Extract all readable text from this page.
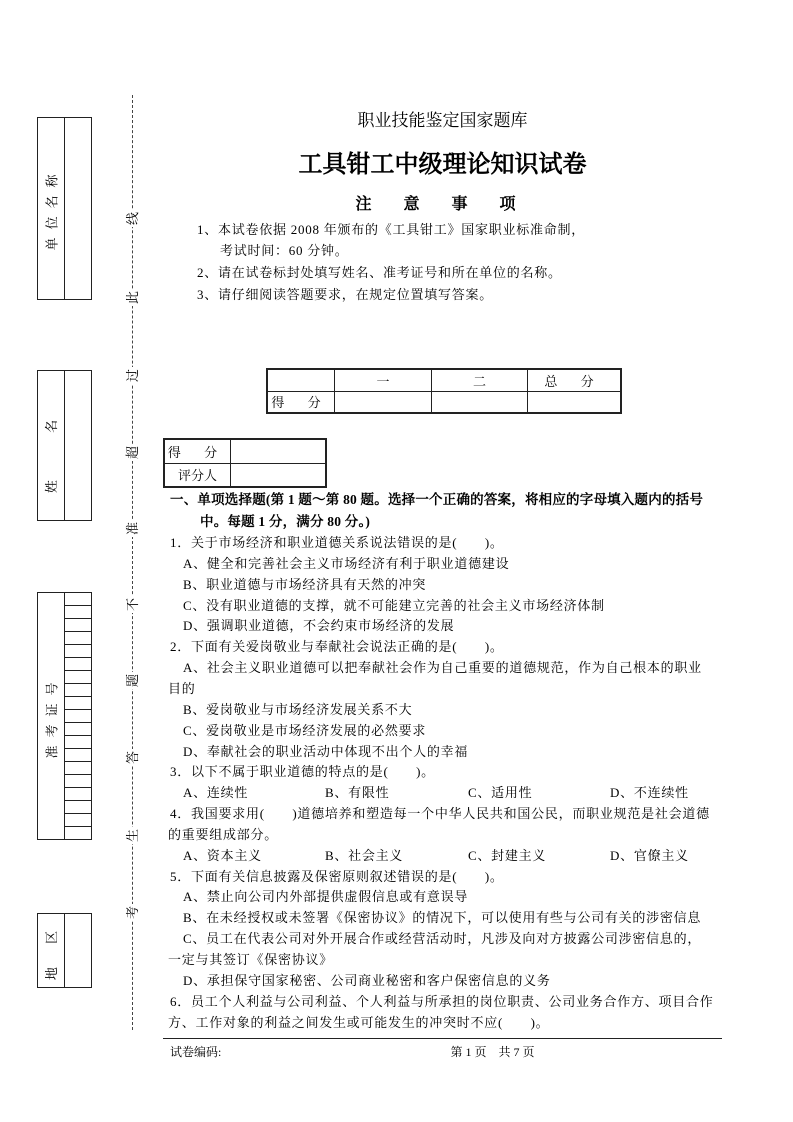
单位名称
姓 名
准考证号
地 区
线
此
过
超
准
不
题
答
生
考
职业技能鉴定国家题库
工具钳工中级理论知识试卷
注 意 事 项
1、本试卷依据 2008 年颁布的《工具钳工》国家职业标准命制，
考试时间：60 分钟。
2、请在试卷标封处填写姓名、准考证号和所在单位的名称。
3、请仔细阅读答题要求，在规定位置填写答案。
	一	二	总 分
得 分			
得 分	
评分人	
一、单项选择题(第 1 题～第 80 题。选择一个正确的答案，将相应的字母填入题内的括号
中。每题 1 分，满分 80 分。)
1．关于市场经济和职业道德关系说法错误的是(　　)。
A、健全和完善社会主义市场经济有利于职业道德建设
B、职业道德与市场经济具有天然的冲突
C、没有职业道德的支撑，就不可能建立完善的社会主义市场经济体制
D、强调职业道德，不会约束市场经济的发展
2．下面有关爱岗敬业与奉献社会说法正确的是(　　)。
A、社会主义职业道德可以把奉献社会作为自己重要的道德规范，作为自己根本的职业
目的
B、爱岗敬业与市场经济发展关系不大
C、爱岗敬业是市场经济发展的必然要求
D、奉献社会的职业活动中体现不出个人的幸福
3．以下不属于职业道德的特点的是(　　)。
A、连续性	B、有限性	C、适用性	D、不连续性
4．我国要求用(　　)道德培养和塑造每一个中华人民共和国公民，而职业规范是社会道德
的重要组成部分。
A、资本主义	B、社会主义	C、封建主义	D、官僚主义
5．下面有关信息披露及保密原则叙述错误的是(　　)。
A、禁止向公司内外部提供虚假信息或有意误导
B、在未经授权或未签署《保密协议》的情况下，可以使用有些与公司有关的涉密信息
C、员工在代表公司对外开展合作或经营活动时，凡涉及向对方披露公司涉密信息的，
一定与其签订《保密协议》
D、承担保守国家秘密、公司商业秘密和客户保密信息的义务
6．员工个人利益与公司利益、个人利益与所承担的岗位职责、公司业务合作方、项目合作
方、工作对象的利益之间发生或可能发生的冲突时不应(　　)。
试卷编码:	第 1 页　共 7 页
